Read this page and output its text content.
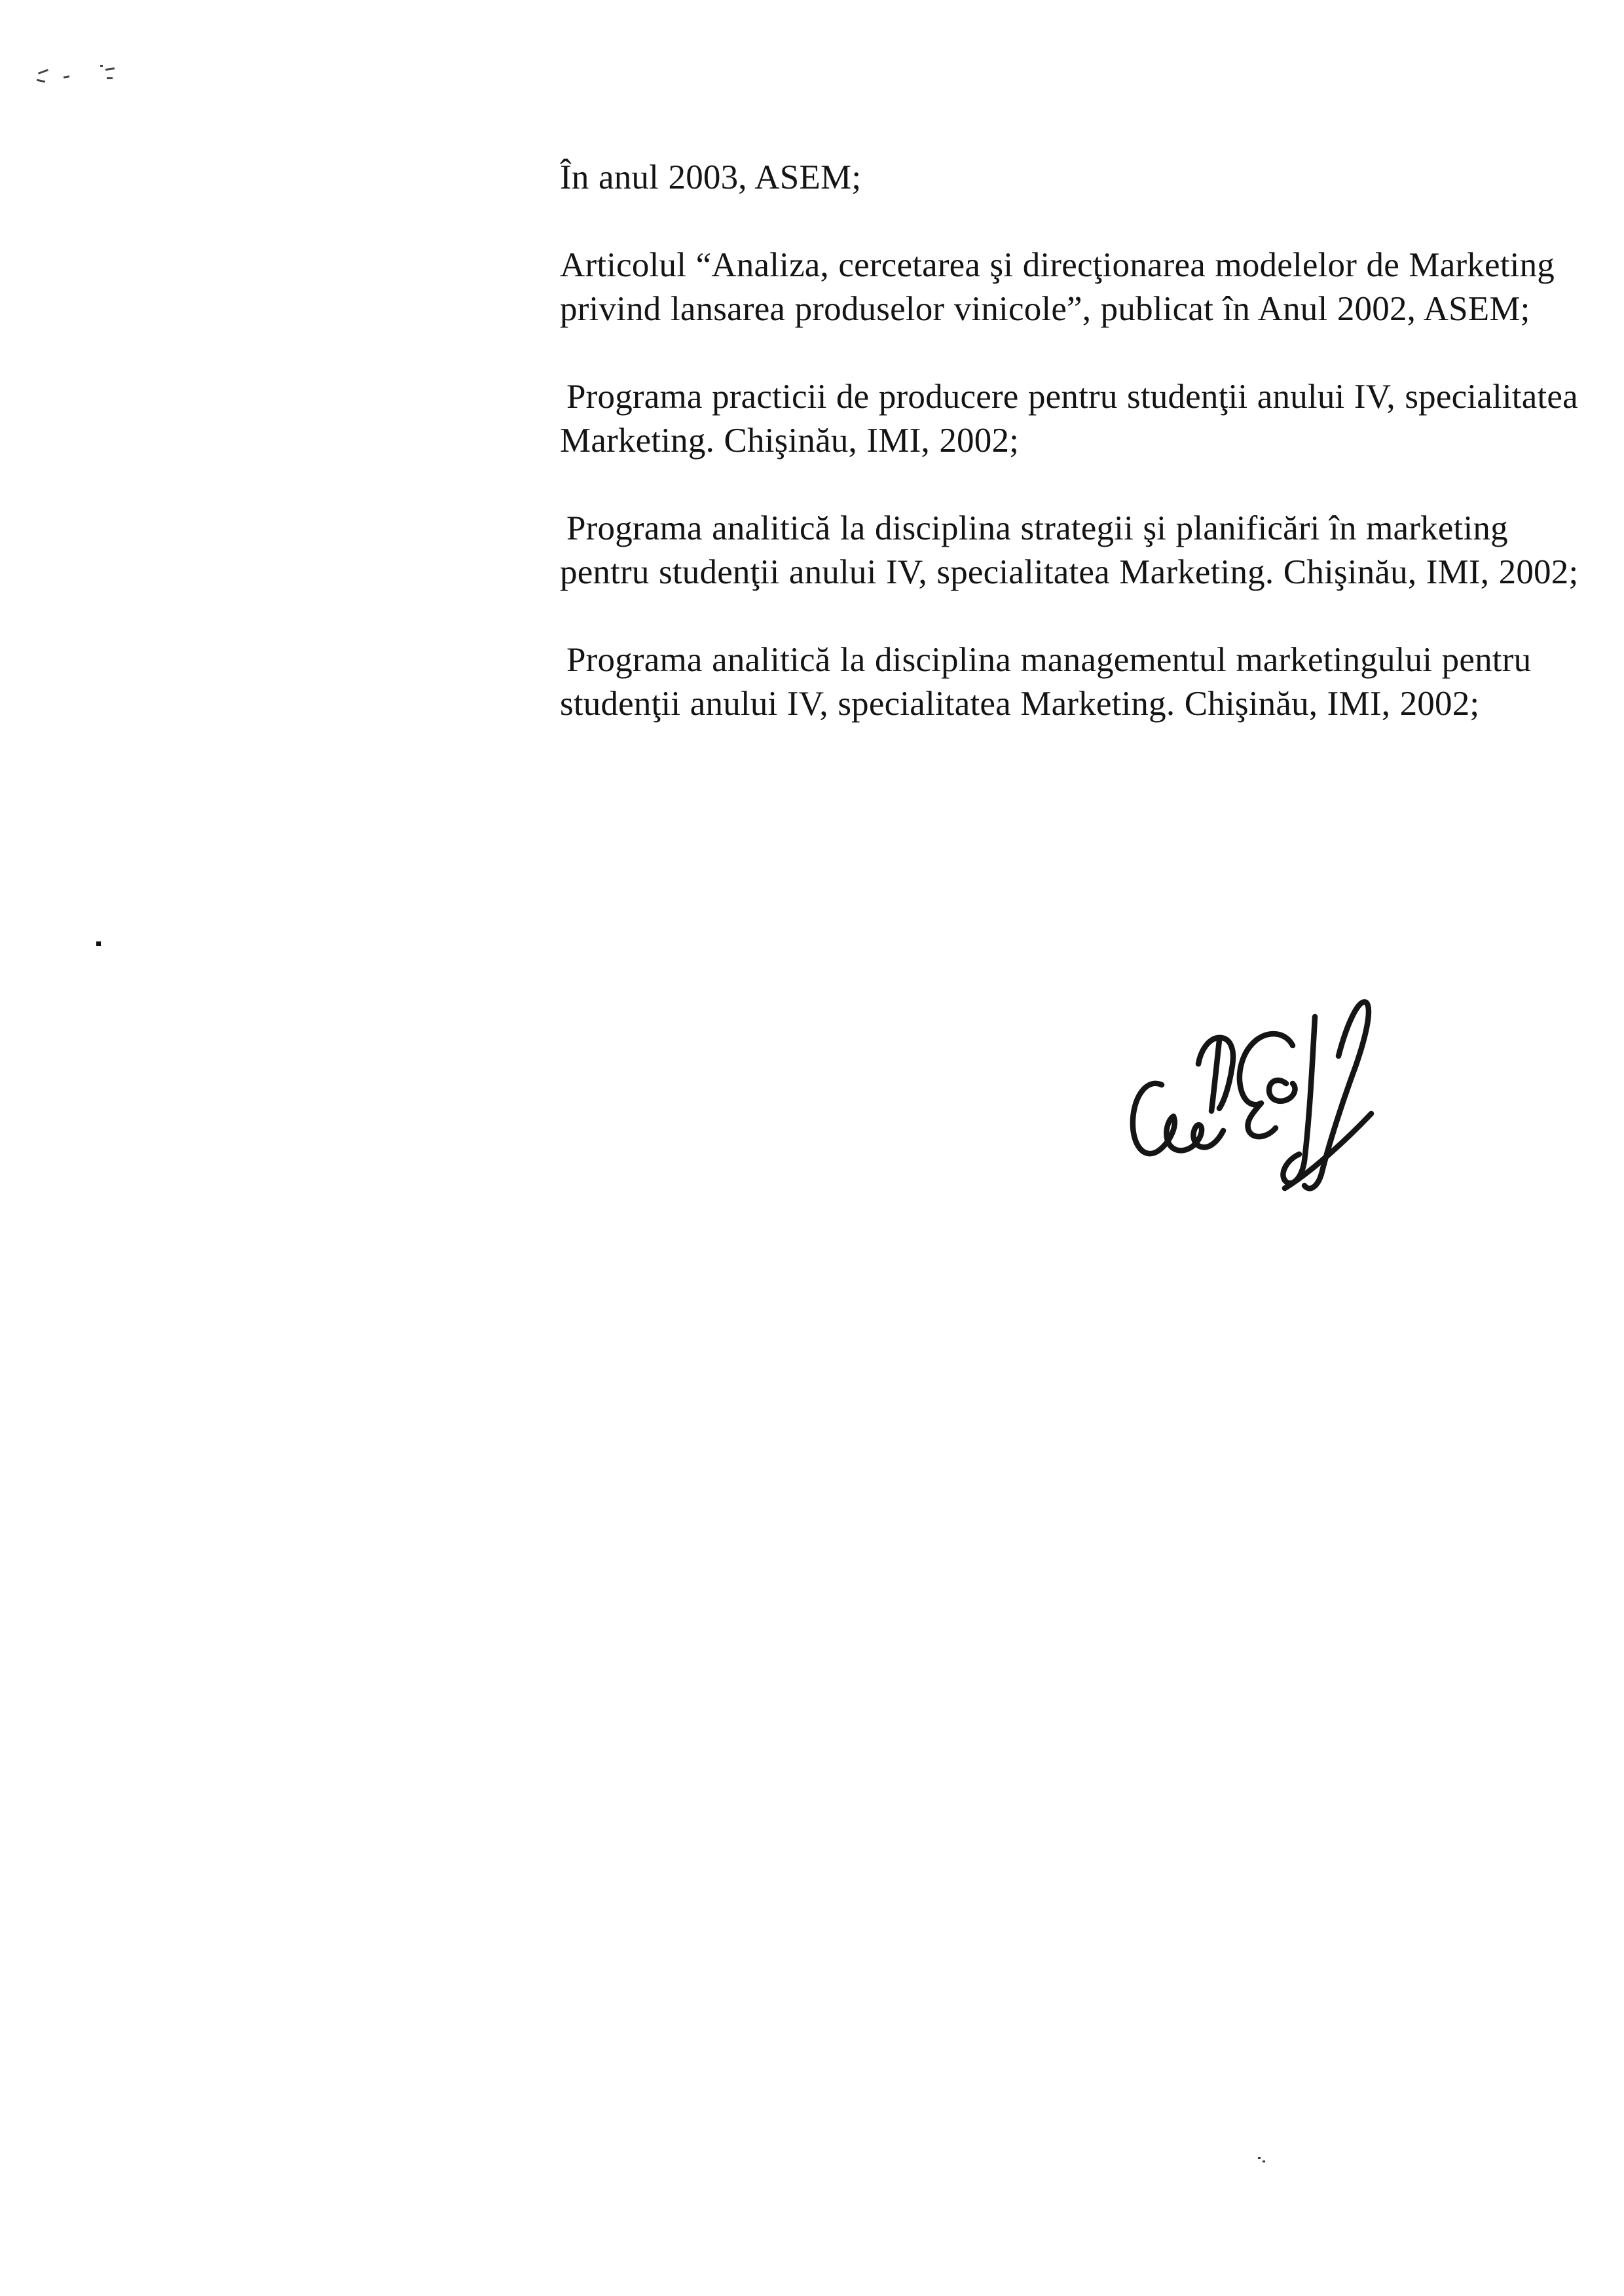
În anul 2003, ASEM;

Articolul “Analiza, cercetarea şi direcţionarea modelelor de Marketing privind lansarea produselor vinicole”, publicat în Anul 2002, ASEM;

Programa practicii de producere pentru studenţii anului IV, specialitatea Marketing. Chişinău, IMI, 2002;

Programa analitică la disciplina strategii şi planificări în marketing pentru studenţii anului IV, specialitatea Marketing. Chişinău, IMI, 2002;

Programa analitică la disciplina managementul marketingului pentru studenţii anului IV, specialitatea Marketing. Chişinău, IMI, 2002;
